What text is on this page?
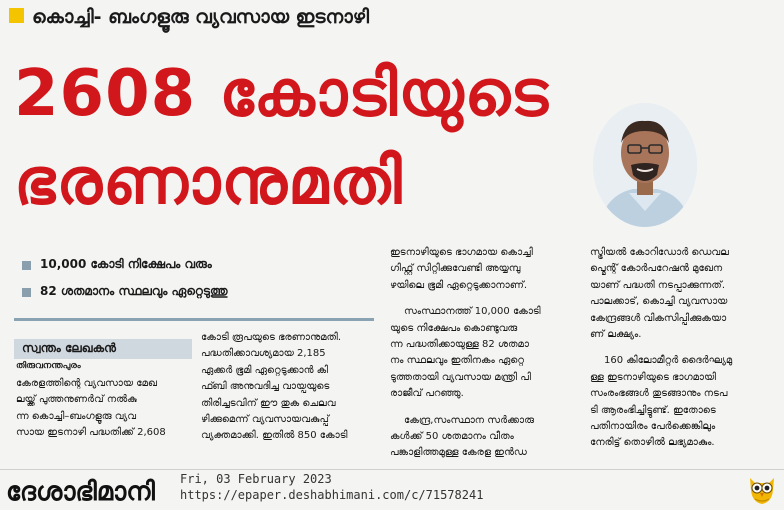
കൊച്ചി- ബംഗളൂരു വ്യവസായ ഇടനാഴി
2608 കോടിയുടെ
ഭരണാനുമതി
10,000 കോടി നിക്ഷേപം വരും
82 ശതമാനം സ്ഥലവും ഏറ്റെടുത്തു
സ്വന്തം ലേഖകൻ
തിരുവനന്തപുരം

കേരളത്തിന്റെ വ്യവസായ മേഖ

ലയ്ക്ക് പുത്തനുണർവ് നൽകു

ന്ന കൊച്ചി–ബംഗളൂരു വ്യവ

സായ ഇടനാഴി പദ്ധതിക്ക് 2,608

കോടി രൂപയുടെ ഭരണാനുമതി.

പദ്ധതിക്കാവശ്യമായ 2,185

ഏക്കർ ഭൂമി ഏറ്റെടുക്കാൻ കി

ഫ്ബി അനുവദിച്ച വായ്പയുടെ

തിരിച്ചടവിന് ഈ തുക ചെലവ

ഴിക്കുമെന്ന് വ്യവസായവകുപ്പ്

വ്യക്തമാക്കി. ഇതിൽ 850 കോടി

ഇടനാഴിയുടെ ഭാഗമായ കൊച്ചി

ഗിഫ്റ്റ് സിറ്റിക്കുവേണ്ടി അയ്യമ്പു

ഴയിലെ ഭൂമി ഏറ്റെടുക്കാനാണ്.

സംസ്ഥാനത്ത് 10,000 കോടി

യുടെ നിക്ഷേപം കൊണ്ടുവരു

ന്ന പദ്ധതിക്കായുള്ള 82 ശതമാ

നം സ്ഥലവും ഇതിനകം ഏറ്റെ

ടുത്തതായി വ്യവസായ മന്ത്രി പി

രാജീവ് പറഞ്ഞു.

കേന്ദ്ര,സംസ്ഥാന സർക്കാരു

കൾക്ക് 50 ശതമാനം വീതം

പങ്കാളിത്തമുള്ള കേരള ഇൻഡ

സ്ട്രിയൽ കോറിഡോർ ഡെവല

പ്മെന്റ് കോർപറേഷൻ മുഖേന

യാണ് പദ്ധതി നടപ്പാക്കുന്നത്.

പാലക്കാട്, കൊച്ചി വ്യവസായ

കേന്ദ്രങ്ങൾ വികസിപ്പിക്കുകയാ

ണ് ലക്ഷ്യം.

160 കിലോമീറ്റർ ദൈർഘ്യമു

ള്ള ഇടനാഴിയുടെ ഭാഗമായി

സംരംഭങ്ങൾ തുടങ്ങാനും നടപ

ടി ആരംഭിച്ചിട്ടുണ്ട്. ഇതോടെ

പതിനായിരം പേർക്കെങ്കിലും

നേരിട്ട് തൊഴിൽ ലഭ്യമാകും.

ദേശാഭിമാനി Fri, 03 February 2023
https://epaper.deshabhimani.com/c/71578241
